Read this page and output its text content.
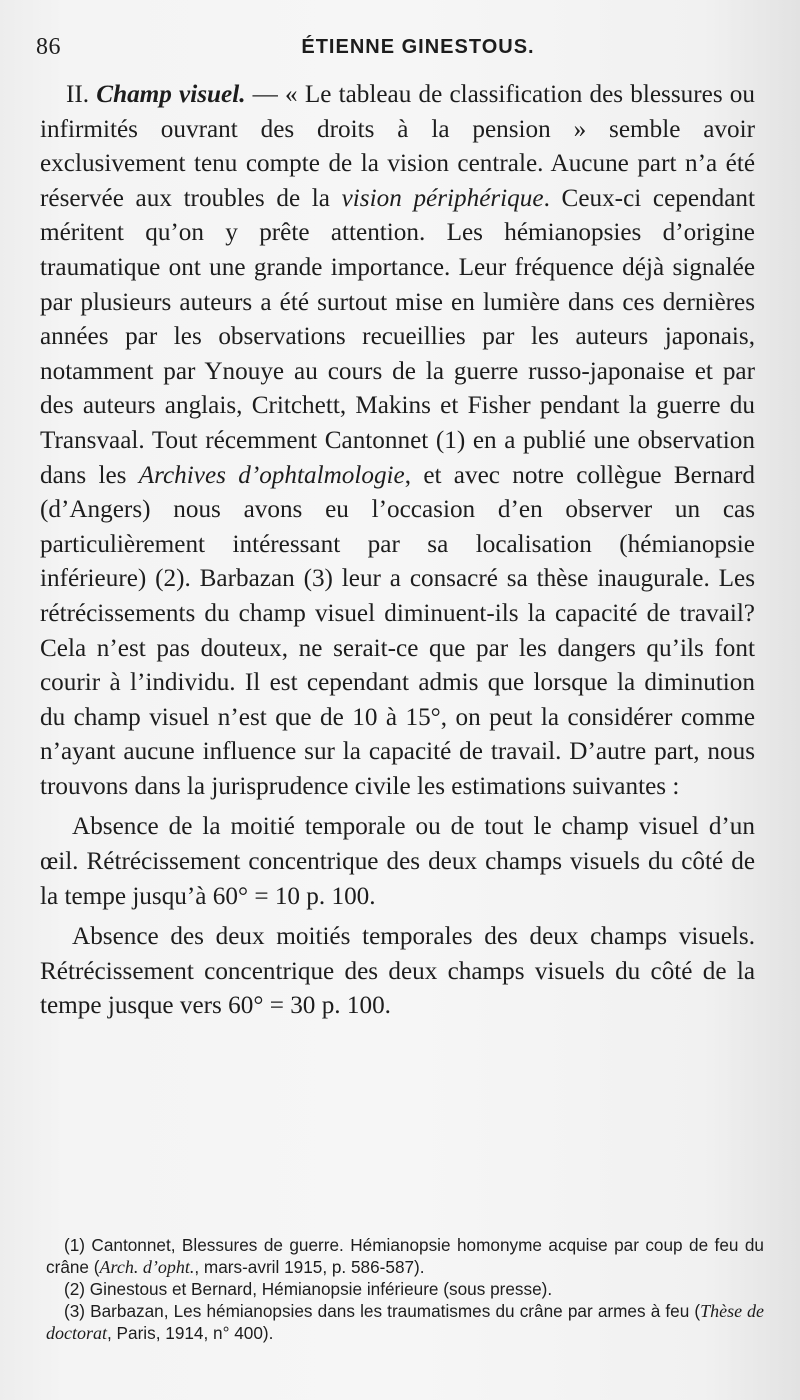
86	ÉTIENNE GINESTOUS.

II. Champ visuel. — « Le tableau de classification des blessures ou infirmités ouvrant des droits à la pension » semble avoir exclusivement tenu compte de la vision centrale. Aucune part n’a été réservée aux troubles de la vision périphérique. Ceux-ci cependant méritent qu’on y prête attention. Les hémianopsies d’origine traumatique ont une grande importance. Leur fréquence déjà signalée par plusieurs auteurs a été surtout mise en lumière dans ces dernières années par les observations recueillies par les auteurs japonais, notamment par Ynouye au cours de la guerre russo-japonaise et par des auteurs anglais, Critchett, Makins et Fisher pendant la guerre du Transvaal. Tout récemment Cantonnet (1) en a publié une observation dans les Archives d’ophtalmologie, et avec notre collègue Bernard (d’Angers) nous avons eu l’occasion d’en observer un cas particulièrement intéressant par sa localisation (hémianopsie inférieure) (2). Barbazan (3) leur a consacré sa thèse inaugurale. Les rétrécissements du champ visuel diminuent-ils la capacité de travail? Cela n’est pas douteux, ne serait-ce que par les dangers qu’ils font courir à l’individu. Il est cependant admis que lorsque la diminution du champ visuel n’est que de 10 à 15°, on peut la considérer comme n’ayant aucune influence sur la capacité de travail. D’autre part, nous trouvons dans la jurisprudence civile les estimations suivantes :

Absence de la moitié temporale ou de tout le champ visuel d’un œil. Rétrécissement concentrique des deux champs visuels du côté de la tempe jusqu’à 60° = 10 p. 100.

Absence des deux moitiés temporales des deux champs visuels. Rétrécissement concentrique des deux champs visuels du côté de la tempe jusque vers 60° = 30 p. 100.

(1) Cantonnet, Blessures de guerre. Hémianopsie homonyme acquise par coup de feu du crâne (Arch. d’opht., mars-avril 1915, p. 586-587).

(2) Ginestous et Bernard, Hémianopsie inférieure (sous presse).

(3) Barbazan, Les hémianopsies dans les traumatismes du crâne par armes à feu (Thèse de doctorat, Paris, 1914, n° 400).
